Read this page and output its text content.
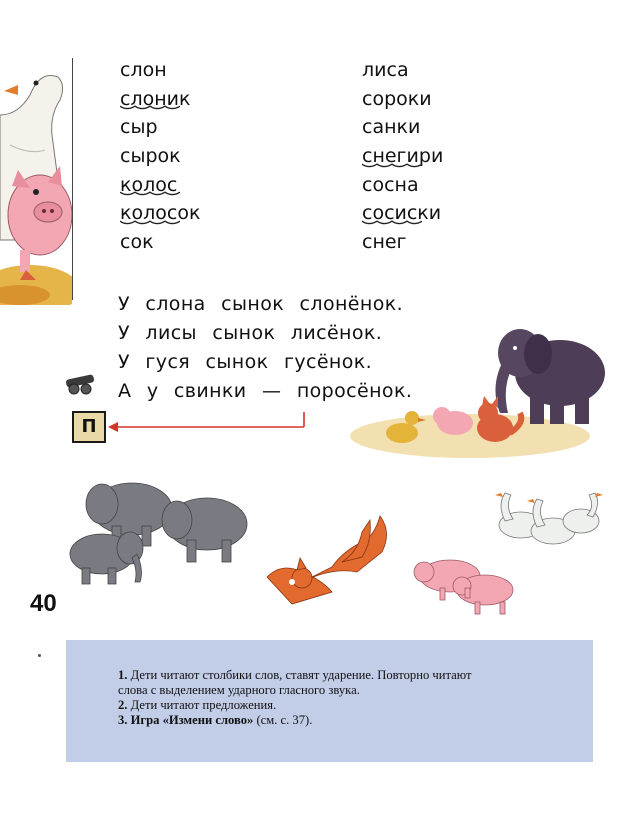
слон
слоник
сыр
сырок
колос
колосок
сок
лиса
сороки
санки
снегири
сосна
сосиски
снег
У слона сынок слонёнок.
У лисы сынок лисёнок.
У гуся сынок гусёнок.
А у свинки — поросёнок.
П
40
1. Дети читают столбики слов, ставят ударение. Повторно читают
слова с выделением ударного гласного звука.
2. Дети читают предложения.
3. Игра «Измени слово» (см. с. 37).
